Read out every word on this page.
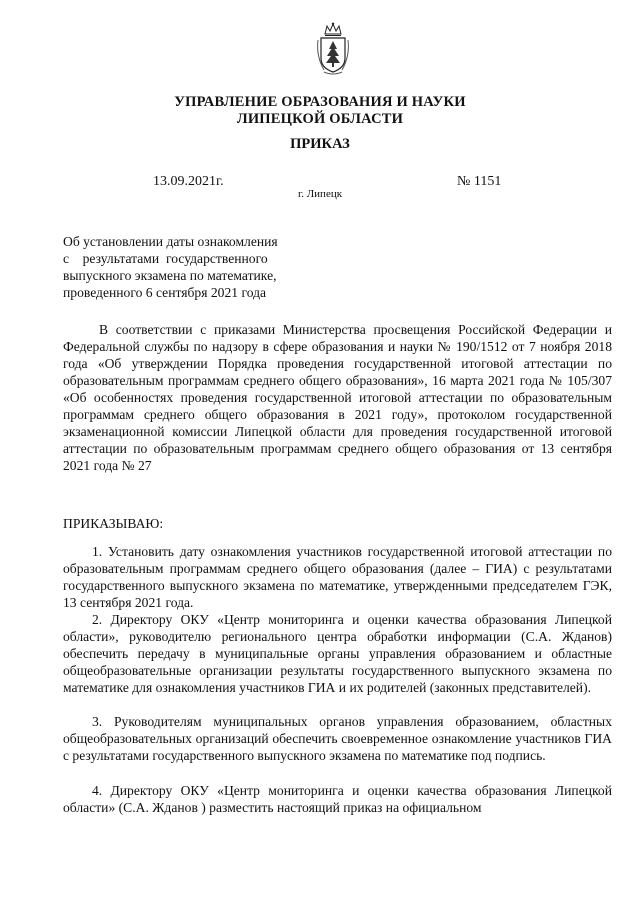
УПРАВЛЕНИЕ ОБРАЗОВАНИЯ И НАУКИ
ЛИПЕЦКОЙ ОБЛАСТИ
ПРИКАЗ
13.09.2021г.	№ 1151
г. Липецк
Об установлении даты ознакомления
с    результатами  государственного
выпускного экзамена по математике,
проведенного 6 сентября 2021 года
В соответствии с приказами Министерства просвещения Российской Федерации и Федеральной службы по надзору в сфере образования и науки № 190/1512 от 7 ноября 2018 года «Об утверждении Порядка проведения государственной итоговой аттестации по образовательным программам среднего общего образования», 16 марта 2021 года № 105/307 «Об особенностях проведения государственной итоговой аттестации по образовательным программам среднего общего образования в 2021 году», протоколом государственной экзаменационной комиссии Липецкой области для проведения государственной итоговой аттестации по образовательным программам среднего общего образования от 13 сентября 2021 года № 27
ПРИКАЗЫВАЮ:
1. Установить дату ознакомления участников государственной итоговой аттестации по образовательным программам среднего общего образования (далее – ГИА) с результатами государственного выпускного экзамена по математике, утвержденными председателем ГЭК, 13 сентября 2021 года.
2. Директору ОКУ «Центр мониторинга и оценки качества образования Липецкой области», руководителю регионального центра обработки информации (С.А. Жданов) обеспечить передачу в муниципальные органы управления образованием и областные общеобразовательные организации результаты государственного выпускного экзамена по математике для ознакомления участников ГИА и их родителей (законных представителей).
3. Руководителям муниципальных органов управления образованием, областных общеобразовательных организаций обеспечить своевременное ознакомление участников ГИА с результатами государственного выпускного экзамена по математике под подпись.
4. Директору ОКУ «Центр мониторинга и оценки качества образования Липецкой области» (С.А. Жданов ) разместить настоящий приказ на официальном
